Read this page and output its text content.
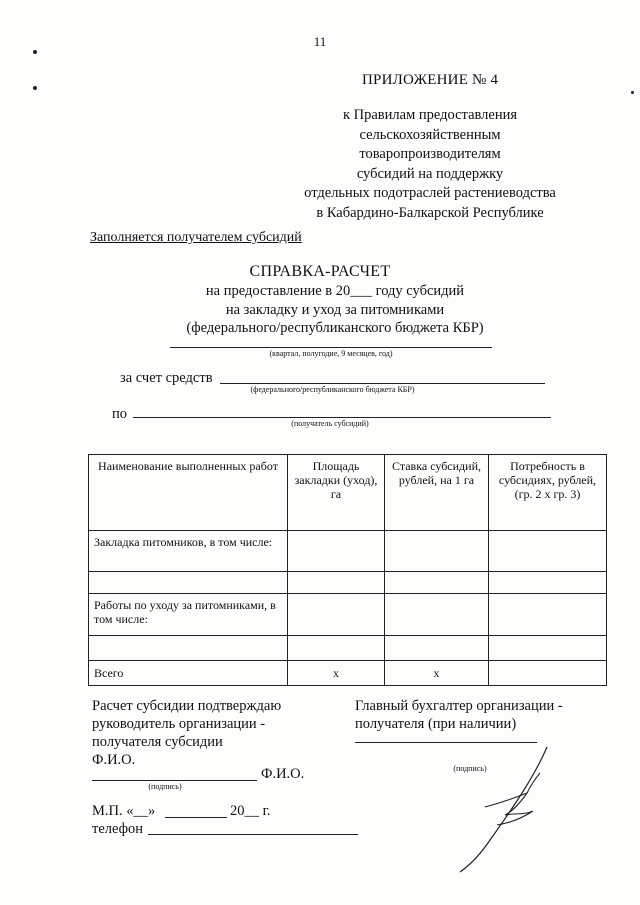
11
ПРИЛОЖЕНИЕ № 4
к Правилам предоставления
сельскохозяйственным
товаропроизводителям
субсидий на поддержку
отдельных подотраслей растениеводства
в Кабардино-Балкарской Республике
Заполняется получателем субсидий
СПРАВКА-РАСЧЕТ
на предоставление в 20___ году субсидий
на закладку и уход за питомниками
(федерального/республиканского бюджета КБР)
(квартал, полугодие, 9 месяцев, год)
за счет средств
(федерального/республиканского бюджета КБР)
по
(получатель субсидий)
Наименование выполненных работ	Площадь закладки (уход), га	Ставка субсидий, рублей, на 1 га	Потребность в субсидиях, рублей, (гр. 2 х гр. 3)
Закладка питомников, в том числе:			

Работы по уходу за питомниками, в том числе:			

Всего	х	х	
Расчет субсидии подтверждаю
руководитель организации -
получателя субсидии
Ф.И.О.
Ф.И.О.
(подпись)
М.П. «__»	20__ г.
телефон
Главный бухгалтер организации -
получателя (при наличии)
(подпись)
